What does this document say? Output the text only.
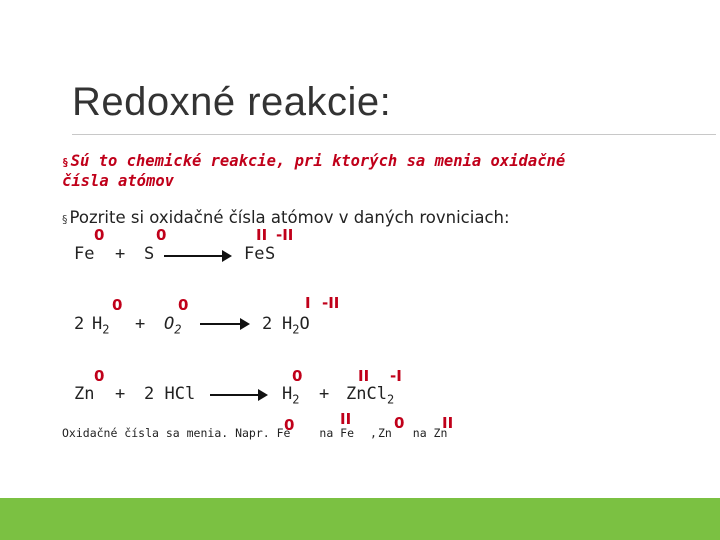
Redoxné reakcie:
§ Sú to chemické reakcie, pri ktorých sa menia oxidačné
čísla atómov
§ Pozrite si oxidačné čísla atómov v daných rovniciach:
Fe + S	Fe S
0	0	II -II
2 $H_2 + O_2$	2 $H_2O$
0	0	I -II
Zn + 2 HCl	$H_2$ + ZnCl$_2$
0	0	II -I
Oxidačné čísla sa menia. Napr. Fe na Fe , Zn na Zn
0	II	0	II
